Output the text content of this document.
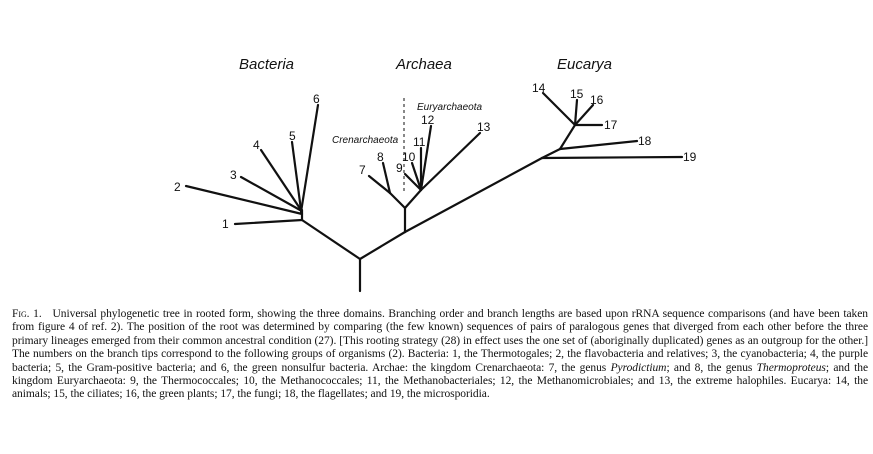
Bacteria	Archaea	Eucarya
Euryarchaeota
Crenarchaeota
1
2
3
4
5
6
7
8
9
10
11
12	13
14 15 16
17
18
19
Fig. 1. Universal phylogenetic tree in rooted form, showing the three domains. Branching order and branch lengths are based upon rRNA sequence comparisons (and have been taken from figure 4 of ref. 2). The position of the root was determined by comparing (the few known) sequences of pairs of paralogous genes that diverged from each other before the three primary lineages emerged from their common ancestral condition (27). [This rooting strategy (28) in effect uses the one set of (aboriginally duplicated) genes as an outgroup for the other.] The numbers on the branch tips correspond to the following groups of organisms (2). Bacteria: 1, the Thermotogales; 2, the flavobacteria and relatives; 3, the cyanobacteria; 4, the purple bacteria; 5, the Gram-positive bacteria; and 6, the green nonsulfur bacteria. Archae: the kingdom Crenarchaeota: 7, the genus Pyrodictium; and 8, the genus Thermoproteus; and the kingdom Euryarchaeota: 9, the Thermococcales; 10, the Methanococcales; 11, the Methanobacteriales; 12, the Methanomicrobiales; and 13, the extreme halophiles. Eucarya: 14, the animals; 15, the ciliates; 16, the green plants; 17, the fungi; 18, the flagellates; and 19, the microsporidia.
